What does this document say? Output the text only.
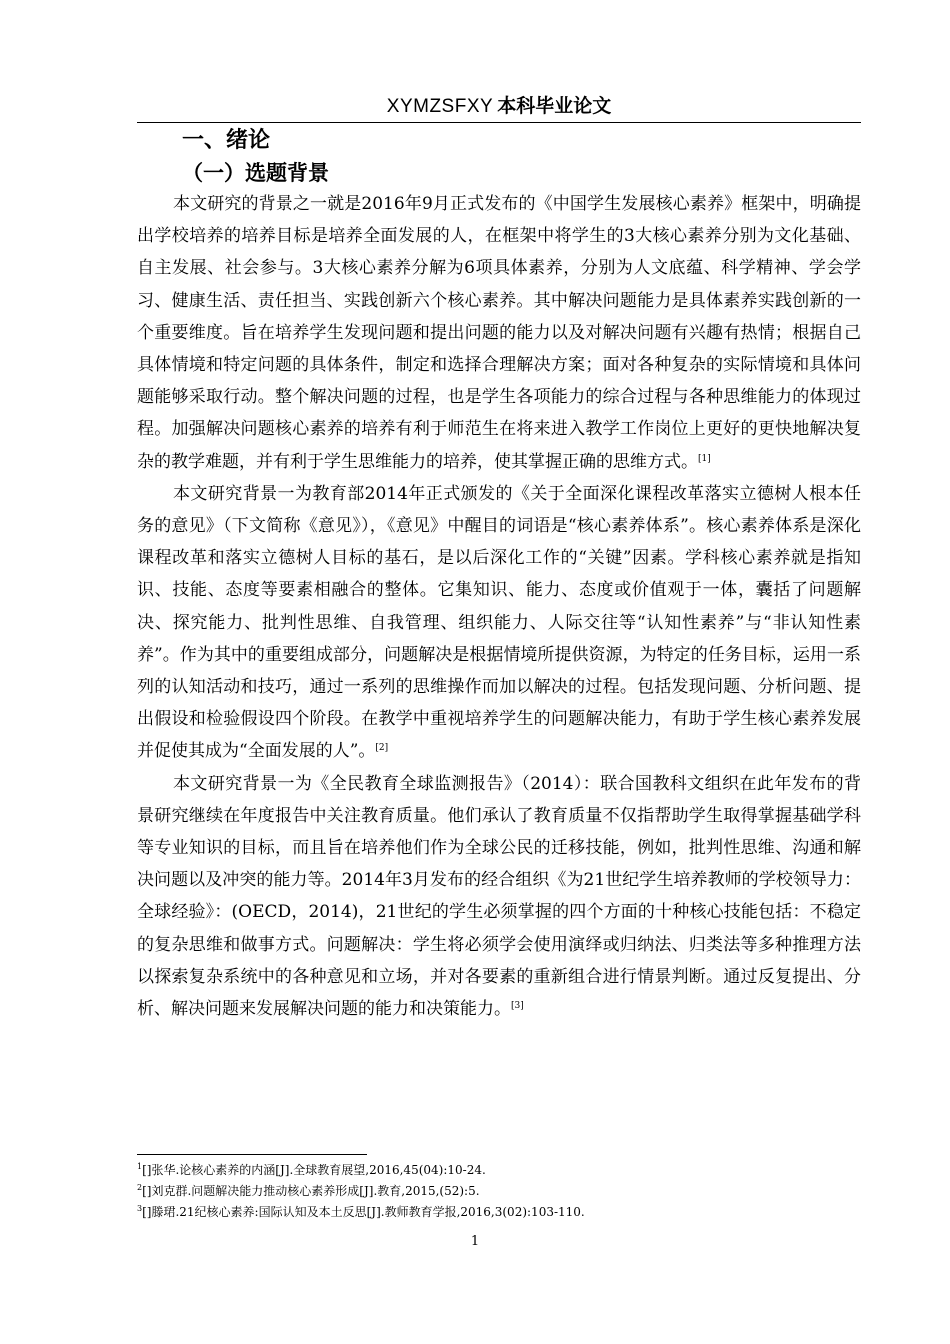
XYMZSFXY 本科毕业论文
一、绪论
（一）选题背景

本文研究的背景之一就是2016年9月正式发布的《中国学生发展核心素养》框架中，明确提出学校培养的培养目标是培养全面发展的人，在框架中将学生的3大核心素养分别为文化基础、自主发展、社会参与。3大核心素养分解为6项具体素养，分别为人文底蕴、科学精神、学会学习、健康生活、责任担当、实践创新六个核心素养。其中解决问题能力是具体素养实践创新的一个重要维度。旨在培养学生发现问题和提出问题的能力以及对解决问题有兴趣有热情；根据自己具体情境和特定问题的具体条件，制定和选择合理解决方案；面对各种复杂的实际情境和具体问题能够采取行动。整个解决问题的过程，也是学生各项能力的综合过程与各种思维能力的体现过程。加强解决问题核心素养的培养有利于师范生在将来进入教学工作岗位上更好的更快地解决复杂的教学难题，并有利于学生思维能力的培养，使其掌握正确的思维方式。[1]

本文研究背景一为教育部2014年正式颁发的《关于全面深化课程改革落实立德树人根本任务的意见》（下文简称《意见》），《意见》中醒目的词语是“核心素养体系”。核心素养体系是深化课程改革和落实立德树人目标的基石，是以后深化工作的“关键”因素。学科核心素养就是指知识、技能、态度等要素相融合的整体。它集知识、能力、态度或价值观于一体，囊括了问题解决、探究能力、批判性思维、自我管理、组织能力、人际交往等“认知性素养”与“非认知性素养”。作为其中的重要组成部分，问题解决是根据情境所提供资源，为特定的任务目标，运用一系列的认知活动和技巧，通过一系列的思维操作而加以解决的过程。包括发现问题、分析问题、提出假设和检验假设四个阶段。在教学中重视培养学生的问题解决能力，有助于学生核心素养发展并促使其成为“全面发展的人”。[2]

本文研究背景一为《全民教育全球监测报告》（2014）：联合国教科文组织在此年发布的背景研究继续在年度报告中关注教育质量。他们承认了教育质量不仅指帮助学生取得掌握基础学科等专业知识的目标，而且旨在培养他们作为全球公民的迁移技能，例如，批判性思维、沟通和解决问题以及冲突的能力等。2014年3月发布的经合组织《为21世纪学生培养教师的学校领导力：全球经验》：(OECD，2014)，21世纪的学生必须掌握的四个方面的十种核心技能包括：不稳定的复杂思维和做事方式。问题解决：学生将必须学会使用演绎或归纳法、归类法等多种推理方法以探索复杂系统中的各种意见和立场，并对各要素的重新组合进行情景判断。通过反复提出、分析、解决问题来发展解决问题的能力和决策能力。[3]

$^1$[]张华.论核心素养的内涵[J].全球教育展望,2016,45(04):10-24.
$^2$[]刘克群.问题解决能力推动核心素养形成[J].教育,2015,(52):5.
$^3$[]滕珺.21纪核心素养:国际认知及本土反思[J].教师教育学报,2016,3(02):103-110.
1
